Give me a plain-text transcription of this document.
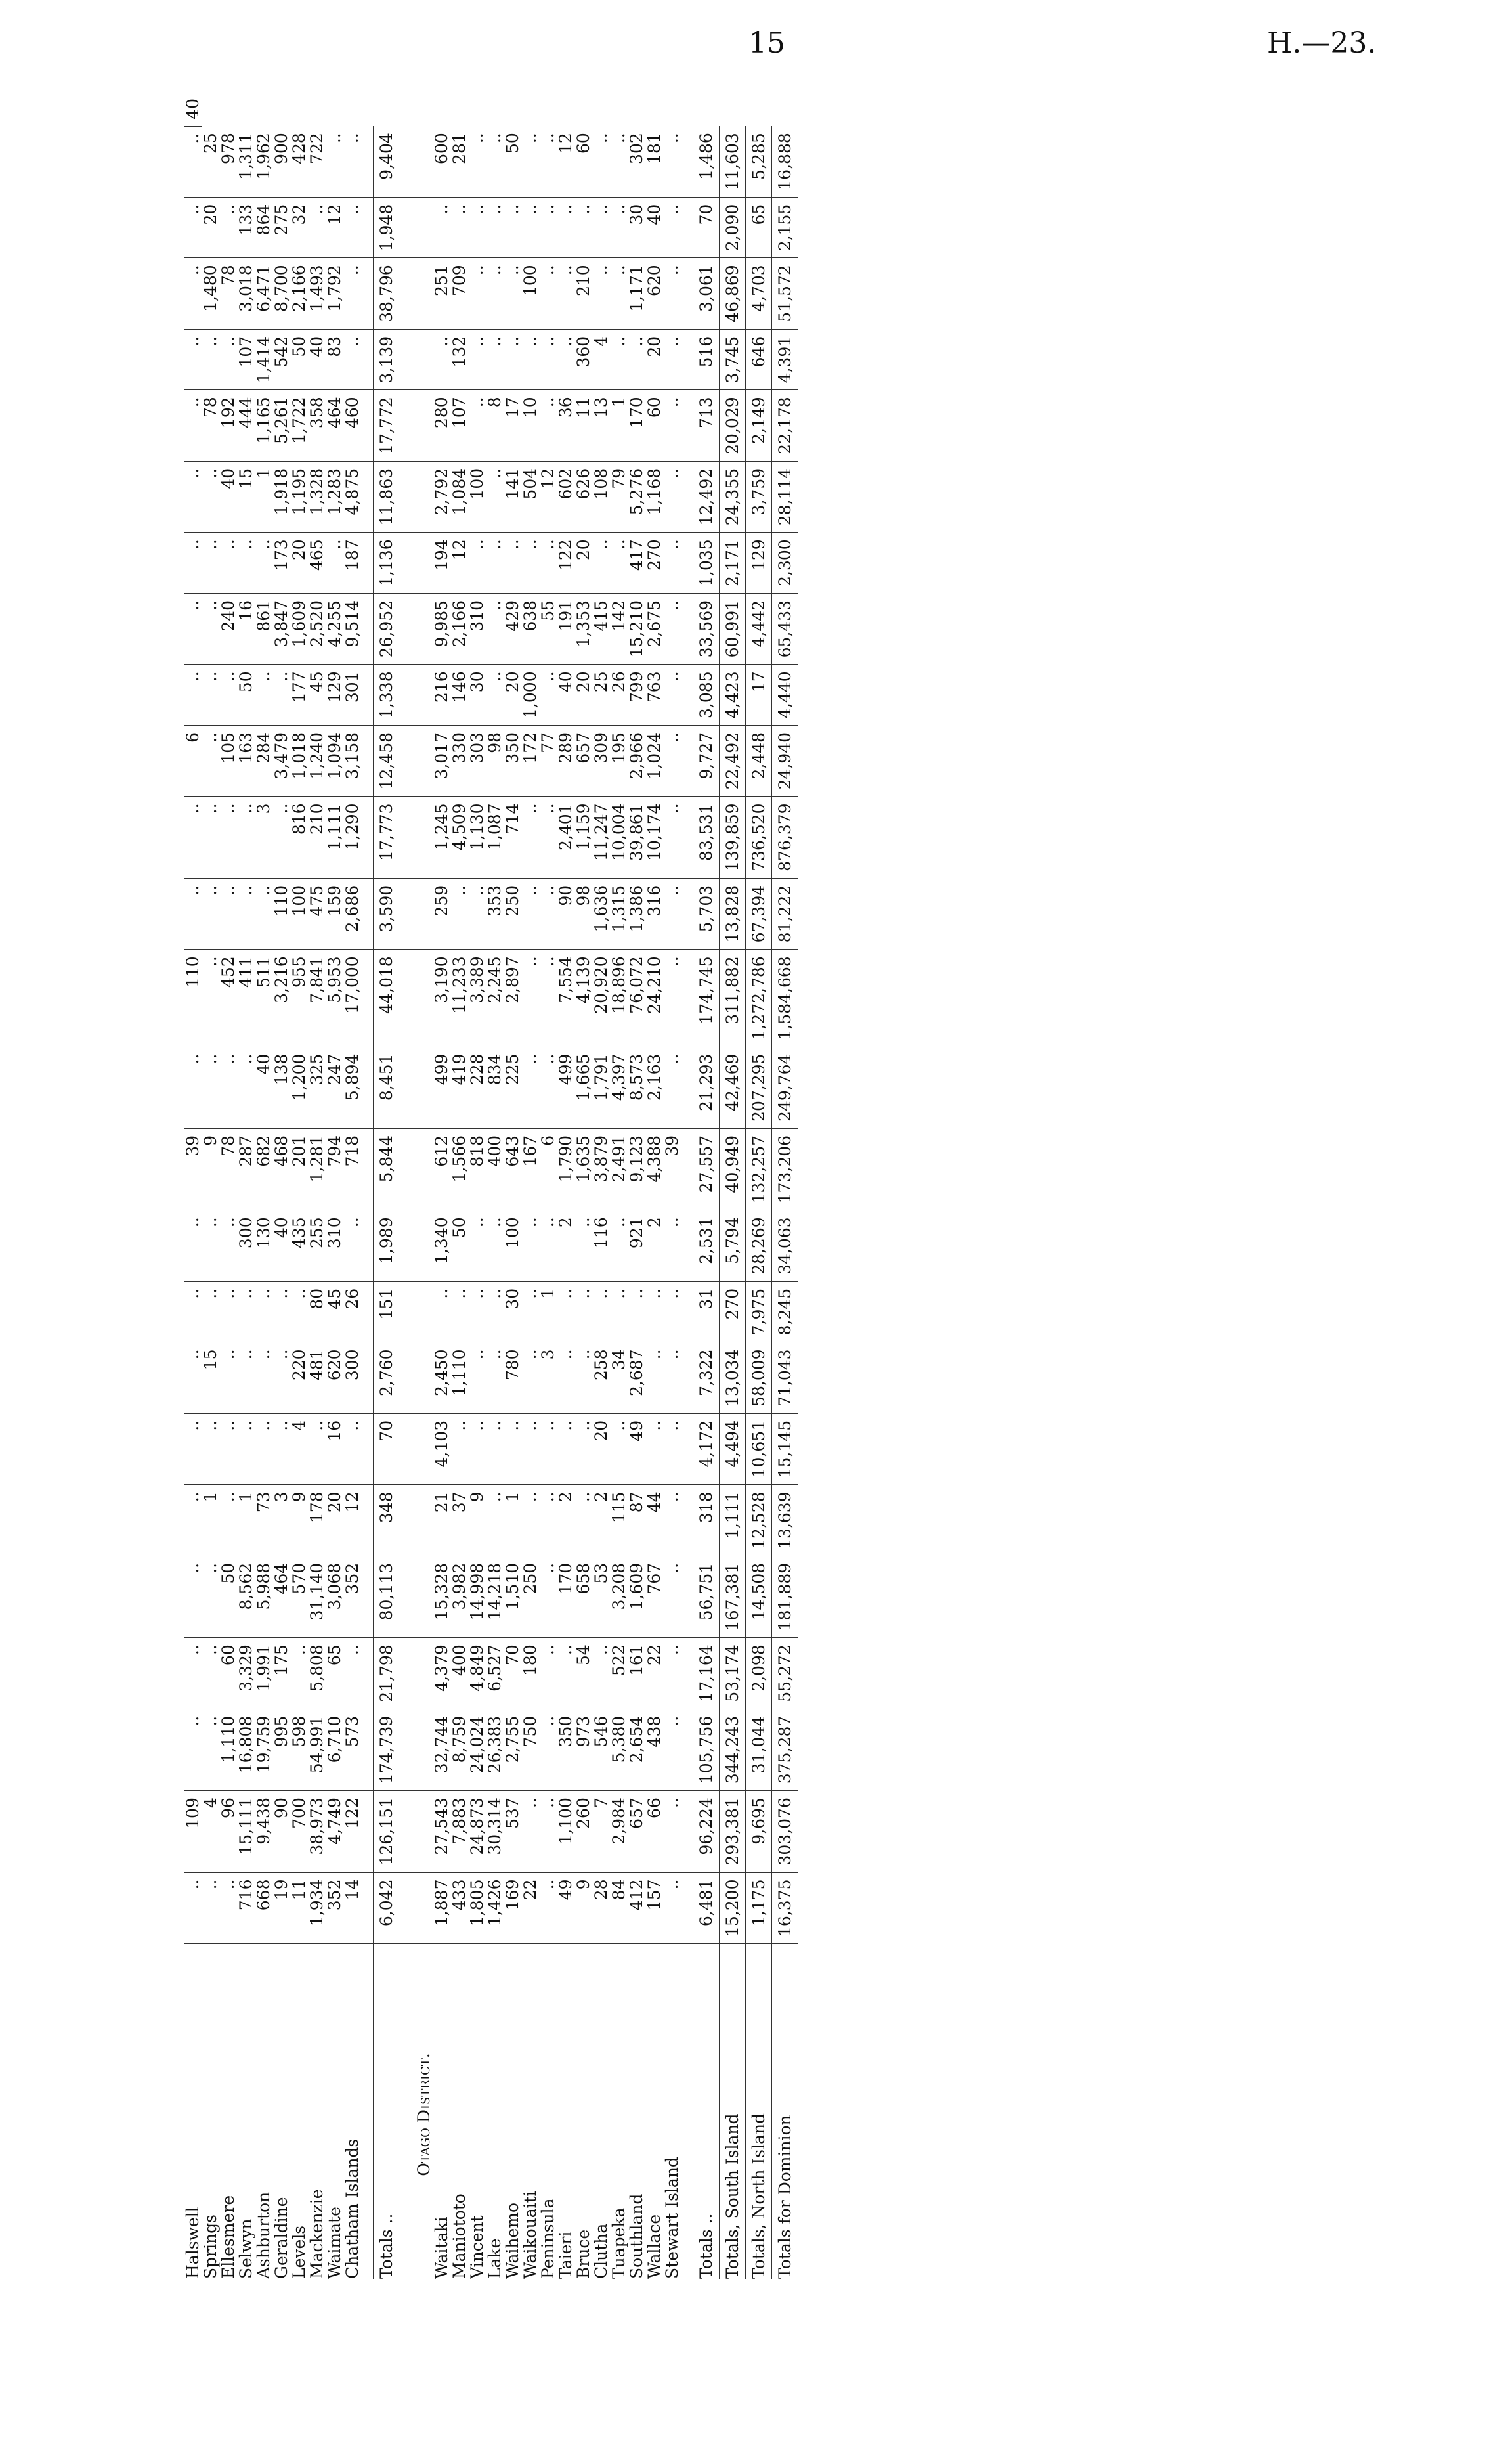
15	H.—23.
Halswell	..	109	..	..	..	..	..	..	..	..	39	..	110	..	..	6	..	..	..	..	..	..	..	..	..	40
Springs	..	4	..	..	..	1	..	15	..	..	9	..	..	..	..	..	..	..	..	..	78	..	1,480	20	25	
Ellesmere	..	96	1,110	60	50	..	..	..	..	..	78	..	452	..	..	105	..	240	..	40	192	..	78	..	978	
Selwyn	716	15,111	16,808	3,329	8,562	1	..	..	..	300	287	..	411	..	..	163	50	16	..	15	444	107	3,018	133	1,311	
Ashburton	668	9,438	19,759	1,991	5,988	73	..	..	..	130	682	40	511	..	3	284	..	861	..	1	1,165	1,414	6,471	864	1,962	
Geraldine	19	90	995	175	464	3	..	..	..	40	468	138	3,216	110	..	3,479	..	3,847	173	1,918	5,261	542	8,700	275	900	
Levels	11	700	598	..	570	9	4	220	..	435	201	1,200	955	100	816	1,018	177	1,609	20	1,195	1,722	50	2,166	32	428	
Mackenzie	1,934	38,973	54,991	5,808	31,140	178	..	481	80	255	1,281	325	7,841	475	210	1,240	45	2,520	465	1,328	358	40	1,493	..	722	
Waimate	352	4,749	6,710	65	3,068	20	16	620	45	310	794	247	5,953	159	1,111	1,094	129	4,255	..	1,283	464	83	1,792	12	..	
Chatham Islands	14	122	573	..	352	12	..	300	26	..	718	5,894	17,000	2,686	1,290	3,158	301	9,514	187	4,875	460	..	..	..	..	

Totals ..	6,042	126,151	174,739	21,798	80,113	348	70	2,760	151	1,989	5,844	8,451	44,018	3,590	17,773	12,458	1,338	26,952	1,136	11,863	17,772	3,139	38,796	1,948	9,404	
Otago District.																										
Waitaki	1,887	27,543	32,744	4,379	15,328	21	4,103	2,450	..	1,340	612	499	3,190	259	1,245	3,017	216	9,985	194	2,792	280	..	251	..	600	
Maniototo	433	7,883	8,759	400	3,982	37	..	1,110	..	50	1,566	419	11,233	..	4,509	330	146	2,166	12	1,084	107	132	709	..	281	
Vincent	1,805	24,873	24,024	4,849	14,998	9	..	..	..	..	818	228	3,389	..	1,130	303	30	310	..	100	..	..	..	..	..	
Lake	1,426	30,314	26,383	6,527	14,218	..	..	..	..	..	400	834	2,245	353	1,087	98	..	..	..	..	8	..	..	..	..	
Waihemo	169	537	2,755	70	1,510	1	..	780	30	100	643	225	2,897	250	714	350	20	429	..	141	17	..	..	..	50	
Waikouaiti	22	..	750	180	250	..	..	..	..	..	167	..	..	..	..	172	1,000	638	..	504	10	..	100	..	..	
Peninsula	..	..	..	..	..	..	..	3	1	..	6	..	..	..	..	77	..	55	..	12	..	..	..	..	..	
Taieri	49	1,100	350	..	170	2	..	..	..	2	1,790	499	7,554	90	2,401	289	40	191	122	602	36	..	..	..	12	
Bruce	9	260	973	54	658	..	..	..	..	..	1,635	1,665	4,139	98	1,159	657	20	1,353	20	626	11	360	210	..	60	
Clutha	28	7	546	..	53	2	20	258	..	116	3,879	1,791	20,920	1,636	11,247	309	25	415	..	108	13	4	..	..	..	
Tuapeka	84	2,984	5,380	522	3,208	115	..	34	..	..	2,491	4,397	18,896	1,315	10,004	195	26	142	..	79	1	..	..	..	..	
Southland	412	657	2,654	161	1,609	87	49	2,687	..	921	9,123	8,573	76,072	1,386	39,861	2,966	799	15,210	417	5,276	170	..	1,171	30	302	
Wallace	157	66	438	22	767	44	..	..	..	2	4,388	2,163	24,210	316	10,174	1,024	763	2,675	270	1,168	60	20	620	40	181	
Stewart Island	..	..	..	..	..	..	..	..	..	..	39	..	..	..	..	..	..	..	..	..	..	..	..	..	..	

Totals ..	6,481	96,224	105,756	17,164	56,751	318	4,172	7,322	31	2,531	27,557	21,293	174,745	5,703	83,531	9,727	3,085	33,569	1,035	12,492	713	516	3,061	70	1,486	
Totals, South Island	15,200	293,381	344,243	53,174	167,381	1,111	4,494	13,034	270	5,794	40,949	42,469	311,882	13,828	139,859	22,492	4,423	60,991	2,171	24,355	20,029	3,745	46,869	2,090	11,603	
Totals, North Island	1,175	9,695	31,044	2,098	14,508	12,528	10,651	58,009	7,975	28,269	132,257	207,295	1,272,786	67,394	736,520	2,448	17	4,442	129	3,759	2,149	646	4,703	65	5,285	
Totals for Dominion	16,375	303,076	375,287	55,272	181,889	13,639	15,145	71,043	8,245	34,063	173,206	249,764	1,584,668	81,222	876,379	24,940	4,440	65,433	2,300	28,114	22,178	4,391	51,572	2,155	16,888	
